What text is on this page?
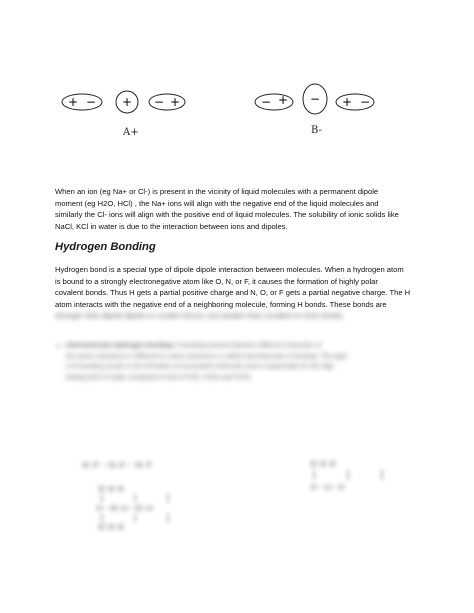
+ − + − +
A+
− + − + −
B-
When an ion (eg Na+ or Cl-) is present in the vicinity of liquid molecules with a permanent dipole
moment (eg H2O, HCl) , the Na+ ions will align with the negative end of the liquid molecules and
similarly the Cl- ions will align with the positive end of liquid molecules. The solubility of ionic solids like
NaCl, KCl in water is due to the interaction between ions and dipoles.
Hydrogen Bonding
Hydrogen bond is a special type of dipole dipole interaction between molecules. When a hydrogen atom
is bound to a strongly electronegative atom like O, N, or F, it causes the formation of highly polar
covalent bonds. Thus H gets a partial positive charge and N, O, or F gets a partial negative charge. The H
atom interacts with the negative end of a neighboring molecule, forming H bonds. These bonds are
stronger than dipole-dipole or London forces, but weaker than covalent or ionic bonds.
• Intermolecular Hydrogen bonding: H bonding present between different molecules of
the same substance or different or same substance is called intermolecular H bonding. This type
of H bonding results in the formation of associated molecules and is responsible for the high
boiling point of water compared to that of H2S, H2Se and H2Te.
H–F····H–F····H–F
H H H
O···H–O···H–O
H H H
H H H
O···O···O
